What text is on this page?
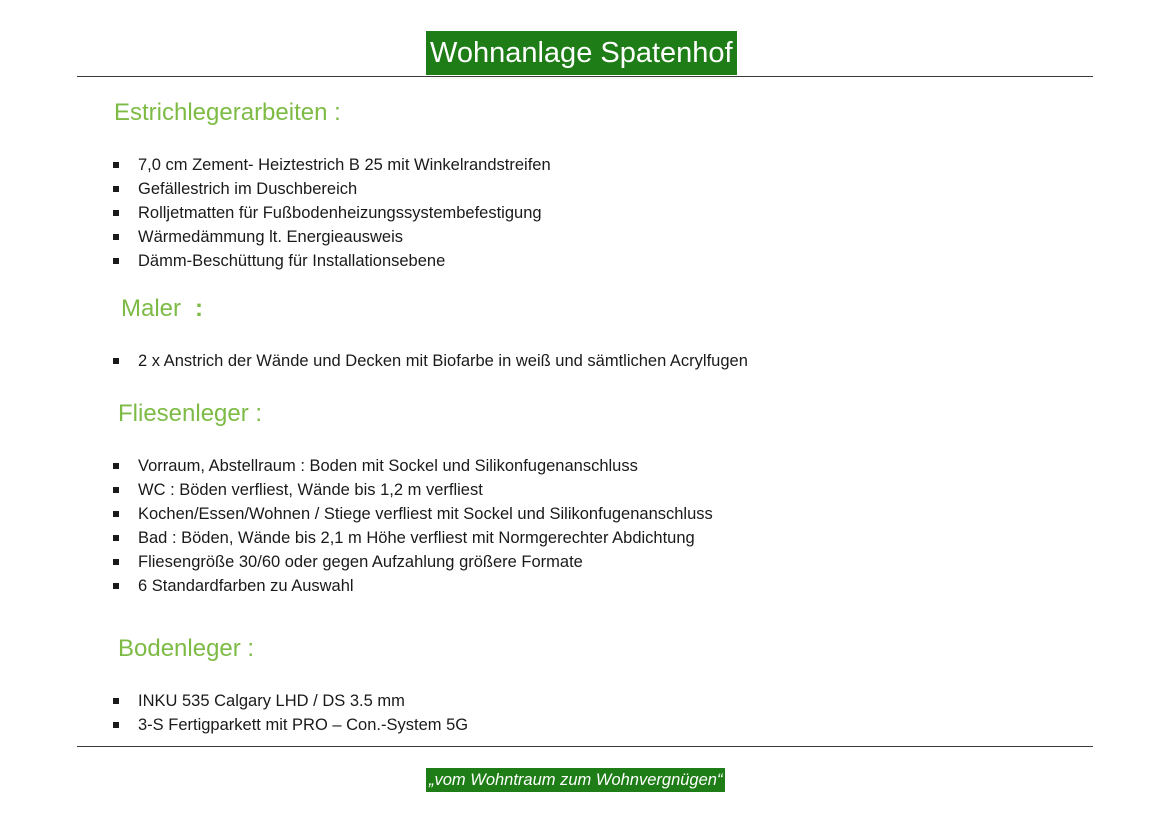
Wohnanlage Spatenhof
Estrichlegerarbeiten :
7,0 cm Zement- Heiztestrich B 25 mit Winkelrandstreifen
Gefällestrich im Duschbereich
Rolljetmatten für Fußbodenheizungssystembefestigung
Wärmedämmung lt. Energieausweis
Dämm-Beschüttung für Installationsebene
Maler :
2 x Anstrich der Wände und Decken mit Biofarbe in weiß und sämtlichen Acrylfugen
Fliesenleger :
Vorraum, Abstellraum : Boden mit Sockel und Silikonfugenanschluss
WC : Böden verfliest, Wände bis 1,2 m verfliest
Kochen/Essen/Wohnen / Stiege verfliest mit Sockel und Silikonfugenanschluss
Bad : Böden, Wände bis 2,1 m Höhe verfliest mit Normgerechter Abdichtung
Fliesengröße 30/60 oder gegen Aufzahlung größere Formate
6 Standardfarben zu Auswahl
Bodenleger :
INKU 535 Calgary LHD / DS 3.5 mm
3-S Fertigparkett mit PRO – Con.-System 5G
„vom Wohntraum zum Wohnvergnügen“
